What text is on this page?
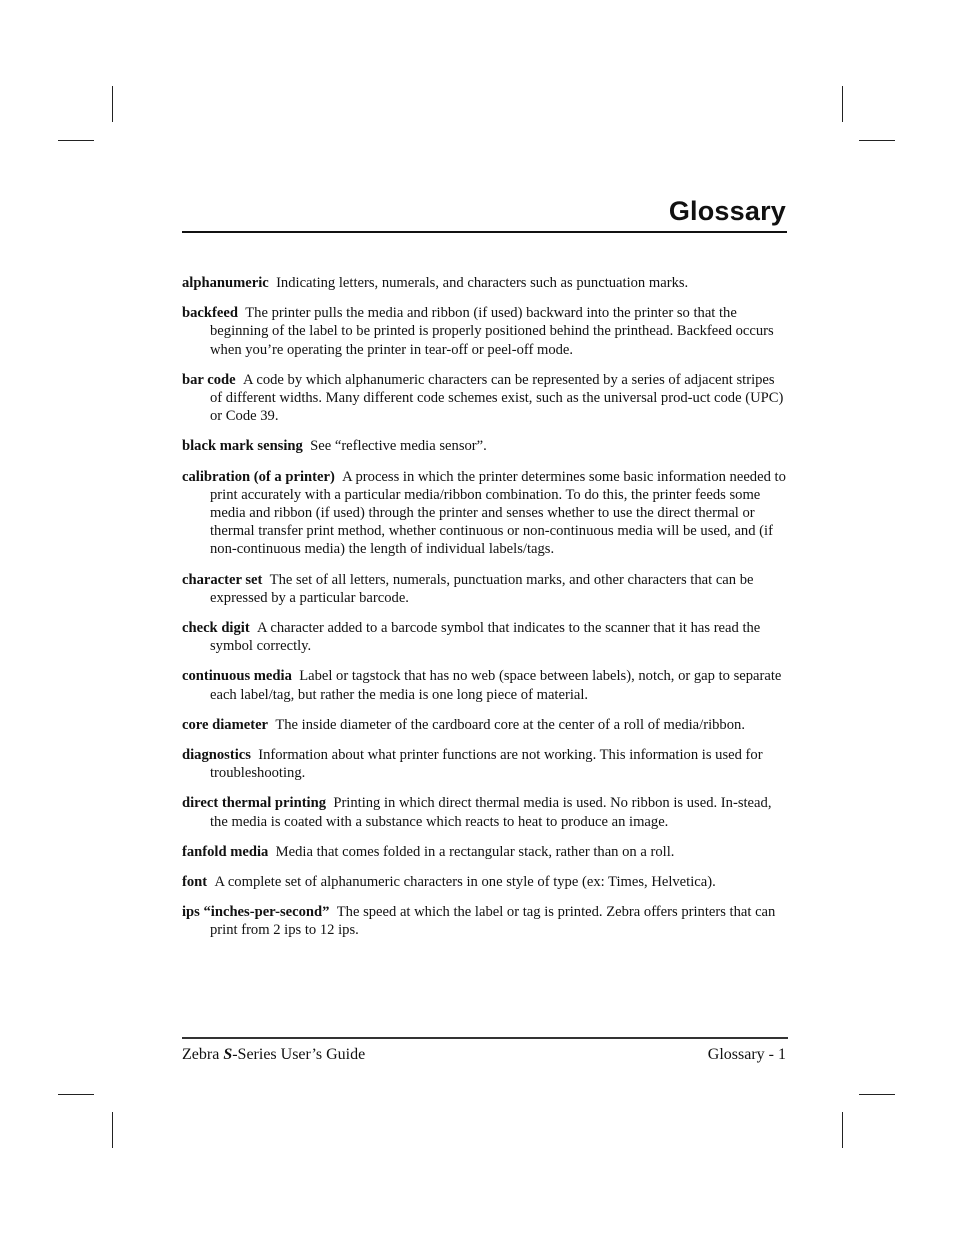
Glossary

alphanumeric Indicating letters, numerals, and characters such as punctuation marks.

backfeed The printer pulls the media and ribbon (if used) backward into the printer so that the beginning of the label to be printed is properly positioned behind the printhead. Backfeed occurs when you’re operating the printer in tear-off or peel-off mode.

bar code A code by which alphanumeric characters can be represented by a series of adjacent stripes of different widths. Many different code schemes exist, such as the universal prod-uct code (UPC) or Code 39.

black mark sensing See “reflective media sensor”.

calibration (of a printer) A process in which the printer determines some basic information needed to print accurately with a particular media/ribbon combination. To do this, the printer feeds some media and ribbon (if used) through the printer and senses whether to use the direct thermal or thermal transfer print method, whether continuous or non-continuous media will be used, and (if non-continuous media) the length of individual labels/tags.

character set The set of all letters, numerals, punctuation marks, and other characters that can be expressed by a particular barcode.

check digit A character added to a barcode symbol that indicates to the scanner that it has read the symbol correctly.

continuous media Label or tagstock that has no web (space between labels), notch, or gap to separate each label/tag, but rather the media is one long piece of material.

core diameter The inside diameter of the cardboard core at the center of a roll of media/ribbon.

diagnostics Information about what printer functions are not working. This information is used for troubleshooting.

direct thermal printing Printing in which direct thermal media is used. No ribbon is used. In-stead, the media is coated with a substance which reacts to heat to produce an image.

fanfold media Media that comes folded in a rectangular stack, rather than on a roll.

font A complete set of alphanumeric characters in one style of type (ex: Times, Helvetica).

ips “inches-per-second” The speed at which the label or tag is printed. Zebra offers printers that can print from 2 ips to 12 ips.

Zebra S-Series User’s Guide	Glossary - 1
